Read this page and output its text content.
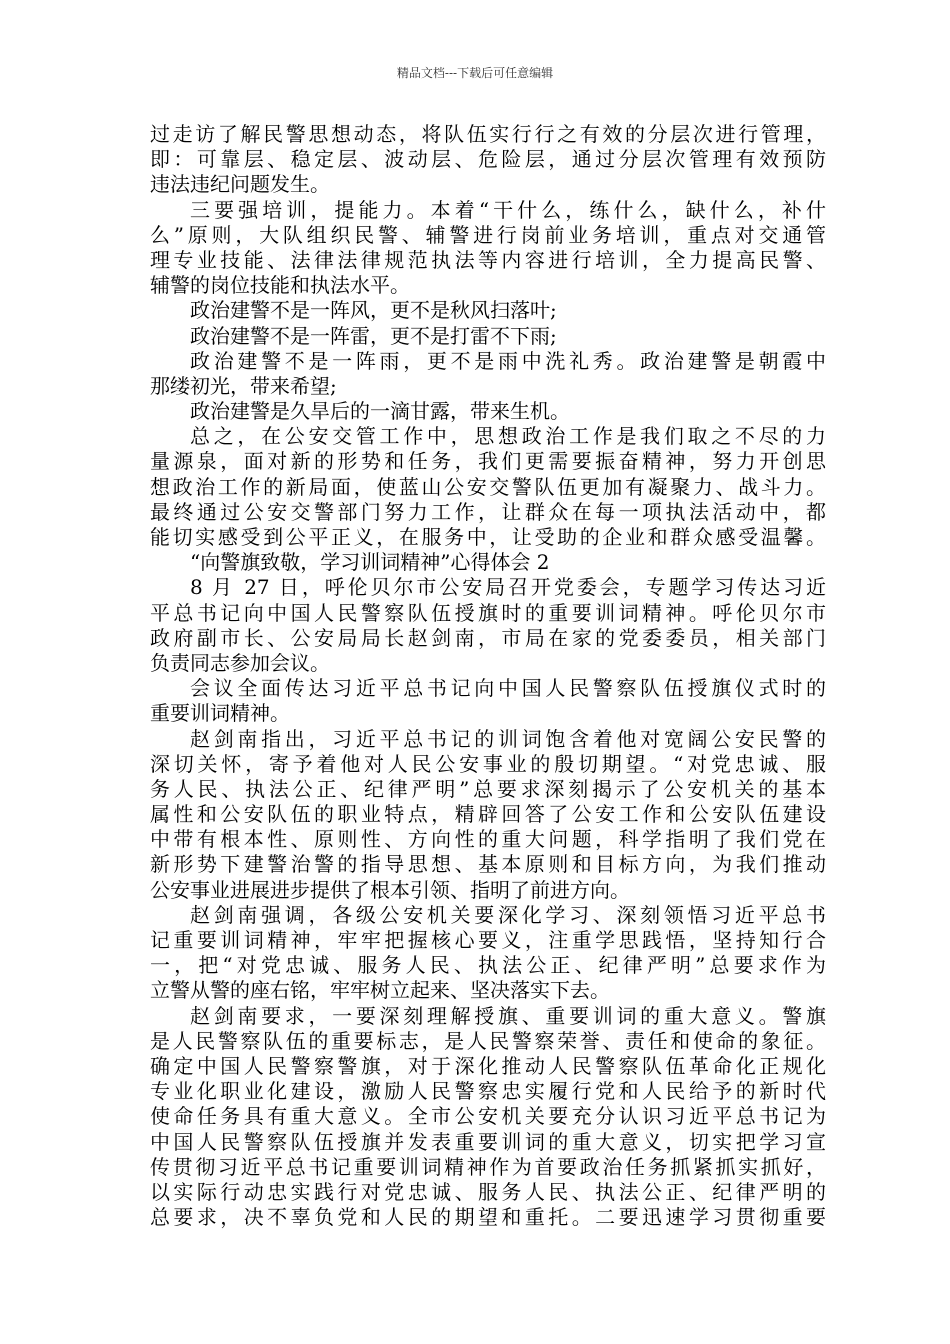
精品文档---下载后可任意编辑
过走访了解民警思想动态，将队伍实行行之有效的分层次进行管理，
即：可靠层、稳定层、波动层、危险层，通过分层次管理有效预防
违法违纪问题发生。
三要强培训，提能力。本着“干什么，练什么，缺什么，补什
么”原则，大队组织民警、辅警进行岗前业务培训，重点对交通管
理专业技能、法律法律规范执法等内容进行培训，全力提高民警、
辅警的岗位技能和执法水平。
政治建警不是一阵风，更不是秋风扫落叶;
政治建警不是一阵雷，更不是打雷不下雨;
政治建警不是一阵雨，更不是雨中洗礼秀。政治建警是朝霞中
那缕初光，带来希望;
政治建警是久旱后的一滴甘露，带来生机。
总之，在公安交管工作中，思想政治工作是我们取之不尽的力
量源泉，面对新的形势和任务，我们更需要振奋精神，努力开创思
想政治工作的新局面，使蓝山公安交警队伍更加有凝聚力、战斗力。
最终通过公安交警部门努力工作，让群众在每一项执法活动中，都
能切实感受到公平正义，在服务中，让受助的企业和群众感受温馨。
“向警旗致敬，学习训词精神”心得体会 2
8 月 27 日，呼伦贝尔市公安局召开党委会，专题学习传达习近
平总书记向中国人民警察队伍授旗时的重要训词精神。呼伦贝尔市
政府副市长、公安局局长赵剑南，市局在家的党委委员，相关部门
负责同志参加会议。
会议全面传达习近平总书记向中国人民警察队伍授旗仪式时的
重要训词精神。
赵剑南指出，习近平总书记的训词饱含着他对宽阔公安民警的
深切关怀，寄予着他对人民公安事业的殷切期望。“对党忠诚、服
务人民、执法公正、纪律严明”总要求深刻揭示了公安机关的基本
属性和公安队伍的职业特点，精辟回答了公安工作和公安队伍建设
中带有根本性、原则性、方向性的重大问题，科学指明了我们党在
新形势下建警治警的指导思想、基本原则和目标方向，为我们推动
公安事业进展进步提供了根本引领、指明了前进方向。
赵剑南强调，各级公安机关要深化学习、深刻领悟习近平总书
记重要训词精神，牢牢把握核心要义，注重学思践悟，坚持知行合
一，把“对党忠诚、服务人民、执法公正、纪律严明”总要求作为
立警从警的座右铭，牢牢树立起来、坚决落实下去。
赵剑南要求，一要深刻理解授旗、重要训词的重大意义。警旗
是人民警察队伍的重要标志，是人民警察荣誉、责任和使命的象征。
确定中国人民警察警旗，对于深化推动人民警察队伍革命化正规化
专业化职业化建设，激励人民警察忠实履行党和人民给予的新时代
使命任务具有重大意义。全市公安机关要充分认识习近平总书记为
中国人民警察队伍授旗并发表重要训词的重大意义，切实把学习宣
传贯彻习近平总书记重要训词精神作为首要政治任务抓紧抓实抓好，
以实际行动忠实践行对党忠诚、服务人民、执法公正、纪律严明的
总要求，决不辜负党和人民的期望和重托。二要迅速学习贯彻重要
